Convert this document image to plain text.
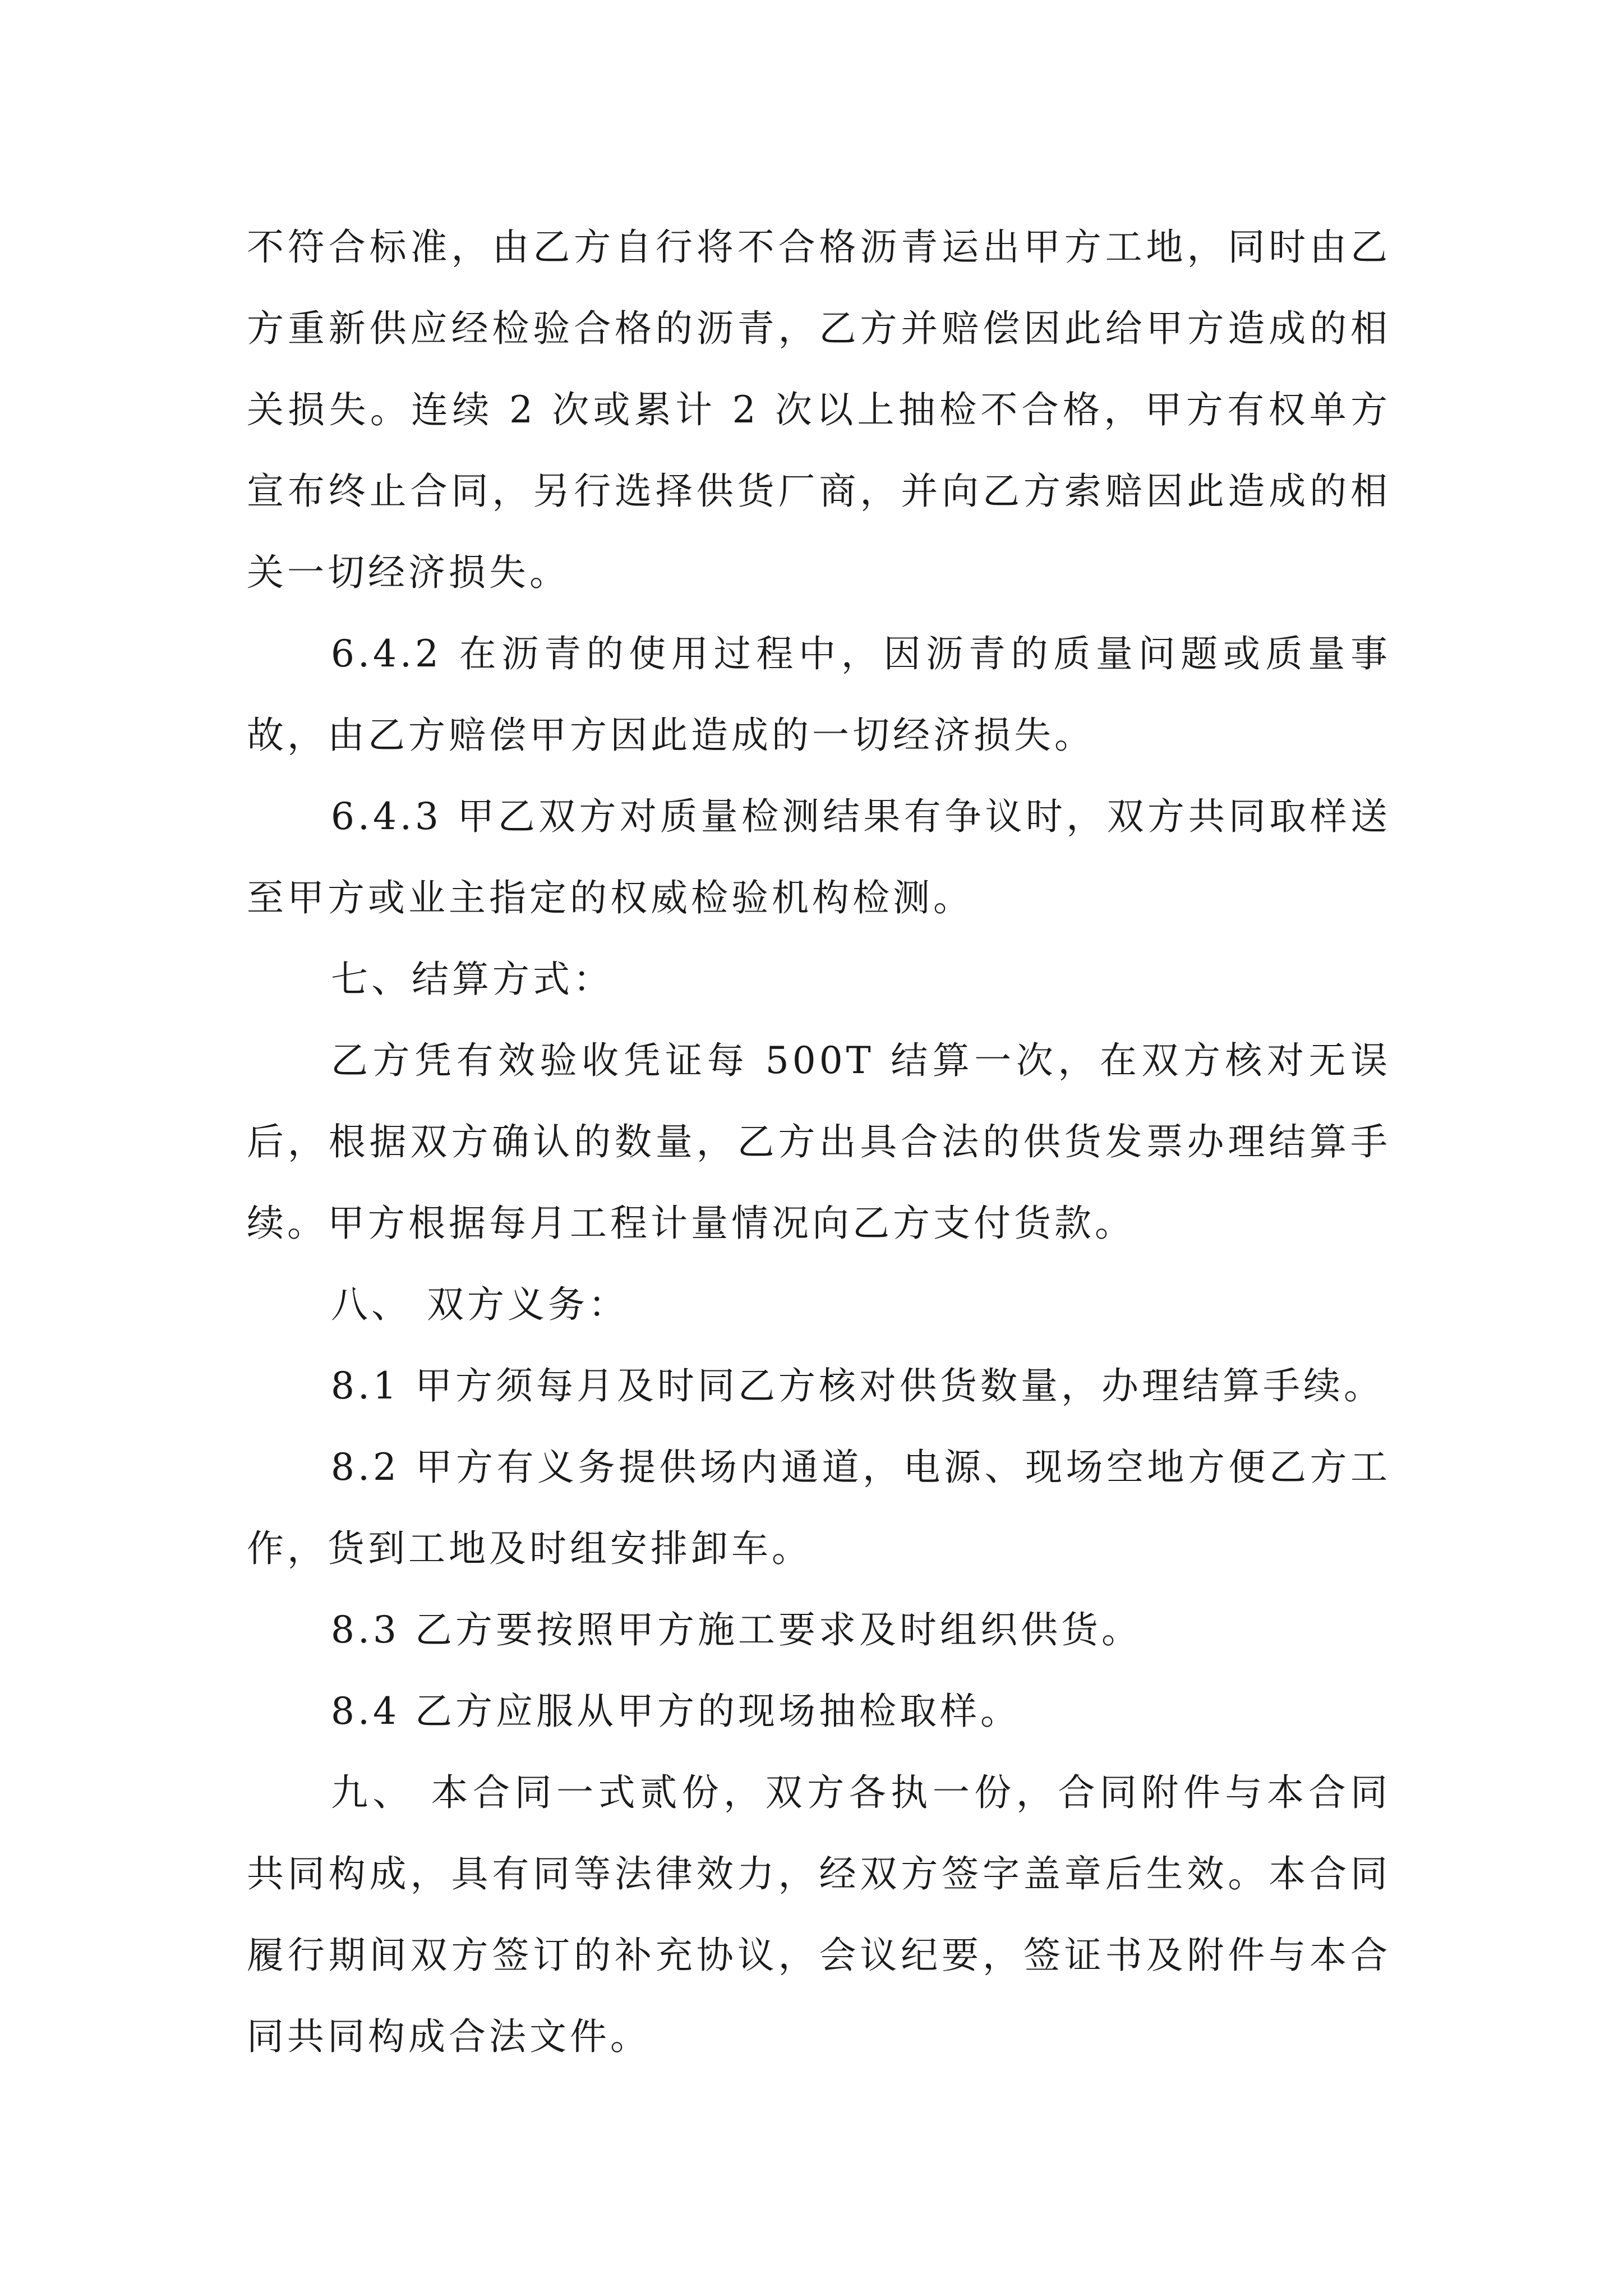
不符合标准，由乙方自行将不合格沥青运出甲方工地，同时由乙方重新供应经检验合格的沥青，乙方并赔偿因此给甲方造成的相关损失。连续 2 次或累计 2 次以上抽检不合格，甲方有权单方宣布终止合同，另行选择供货厂商，并向乙方索赔因此造成的相关一切经济损失。

6.4.2 在沥青的使用过程中，因沥青的质量问题或质量事故，由乙方赔偿甲方因此造成的一切经济损失。

6.4.3 甲乙双方对质量检测结果有争议时，双方共同取样送至甲方或业主指定的权威检验机构检测。

七、结算方式：

乙方凭有效验收凭证每 500T 结算一次，在双方核对无误后，根据双方确认的数量，乙方出具合法的供货发票办理结算手续。甲方根据每月工程计量情况向乙方支付货款。

八、 双方义务：

8.1 甲方须每月及时同乙方核对供货数量，办理结算手续。

8.2 甲方有义务提供场内通道，电源、现场空地方便乙方工作，货到工地及时组安排卸车。

8.3 乙方要按照甲方施工要求及时组织供货。

8.4 乙方应服从甲方的现场抽检取样。

九、 本合同一式贰份，双方各执一份，合同附件与本合同共同构成，具有同等法律效力，经双方签字盖章后生效。本合同履行期间双方签订的补充协议，会议纪要，签证书及附件与本合同共同构成合法文件。
